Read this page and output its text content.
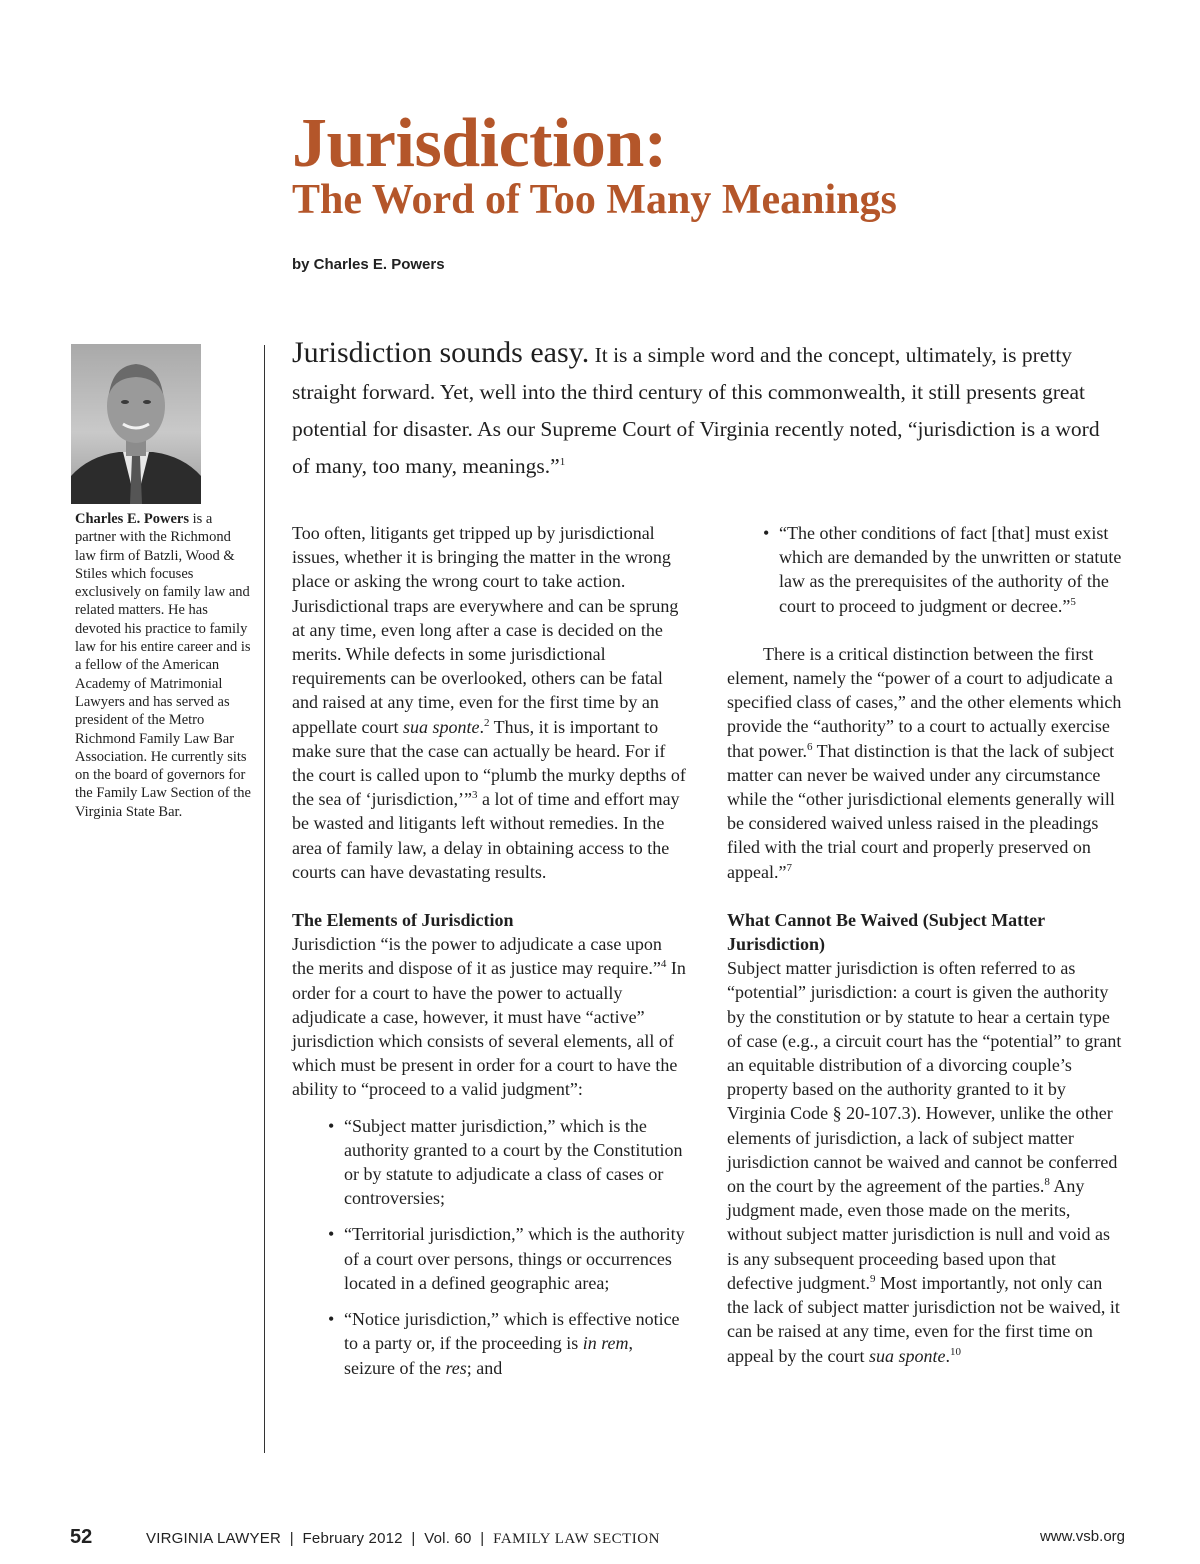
Jurisdiction:
The Word of Too Many Meanings
by Charles E. Powers

Charles E. Powers is a partner with the Richmond law firm of Batzli, Wood & Stiles which focuses exclusively on family law and related matters. He has devoted his practice to family law for his entire career and is a fellow of the American Academy of Matrimonial Lawyers and has served as president of the Metro Richmond Family Law Bar Association. He currently sits on the board of governors for the Family Law Section of the Virginia State Bar.

Jurisdiction sounds easy. It is a simple word and the concept, ultimately, is pretty straight forward. Yet, well into the third century of this commonwealth, it still presents great potential for disaster. As our Supreme Court of Virginia recently noted, “jurisdiction is a word of many, too many, meanings.”$^1$

Too often, litigants get tripped up by jurisdictional issues, whether it is bringing the matter in the wrong place or asking the wrong court to take action. Jurisdictional traps are everywhere and can be sprung at any time, even long after a case is decided on the merits. While defects in some jurisdictional requirements can be overlooked, others can be fatal and raised at any time, even for the first time by an appellate court sua sponte.$^2$ Thus, it is important to make sure that the case can actually be heard. For if the court is called upon to “plumb the murky depths of the sea of ‘jurisdiction,’”$^3$ a lot of time and effort may be wasted and litigants left without remedies. In the area of family law, a delay in obtaining access to the courts can have devastating results.

The Elements of Jurisdiction

Jurisdiction “is the power to adjudicate a case upon the merits and dispose of it as justice may require.”$^4$ In order for a court to have the power to actually adjudicate a case, however, it must have “active” jurisdiction which consists of several elements, all of which must be present in order for a court to have the ability to “proceed to a valid judgment”:

• “Subject matter jurisdiction,” which is the authority granted to a court by the Constitution or by statute to adjudicate a class of cases or controversies;
• “Territorial jurisdiction,” which is the authority of a court over persons, things or occurrences located in a defined geographic area;
• “Notice jurisdiction,” which is effective notice to a party or, if the proceeding is in rem, seizure of the res; and
• “The other conditions of fact [that] must exist which are demanded by the unwritten or statute law as the prerequisites of the authority of the court to proceed to judgment or decree.”$^5$

There is a critical distinction between the first element, namely the “power of a court to adjudicate a specified class of cases,” and the other elements which provide the “authority” to a court to actually exercise that power.$^6$ That distinction is that the lack of subject matter can never be waived under any circumstance while the “other jurisdictional elements generally will be considered waived unless raised in the pleadings filed with the trial court and properly preserved on appeal.”$^7$

What Cannot Be Waived (Subject Matter Jurisdiction)

Subject matter jurisdiction is often referred to as “potential” jurisdiction: a court is given the authority by the constitution or by statute to hear a certain type of case (e.g., a circuit court has the “potential” to grant an equitable distribution of a divorcing couple’s property based on the authority granted to it by Virginia Code § 20-107.3). However, unlike the other elements of jurisdiction, a lack of subject matter jurisdiction cannot be waived and cannot be conferred on the court by the agreement of the parties.$^8$ Any judgment made, even those made on the merits, without subject matter jurisdiction is null and void as is any subsequent proceeding based upon that defective judgment.$^9$ Most importantly, not only can the lack of subject matter jurisdiction not be waived, it can be raised at any time, even for the first time on appeal by the court sua sponte.$^{10}$

52	VIRGINIA LAWYER  |  February 2012  |  Vol. 60  |  FAMILY LAW SECTION	www.vsb.org
